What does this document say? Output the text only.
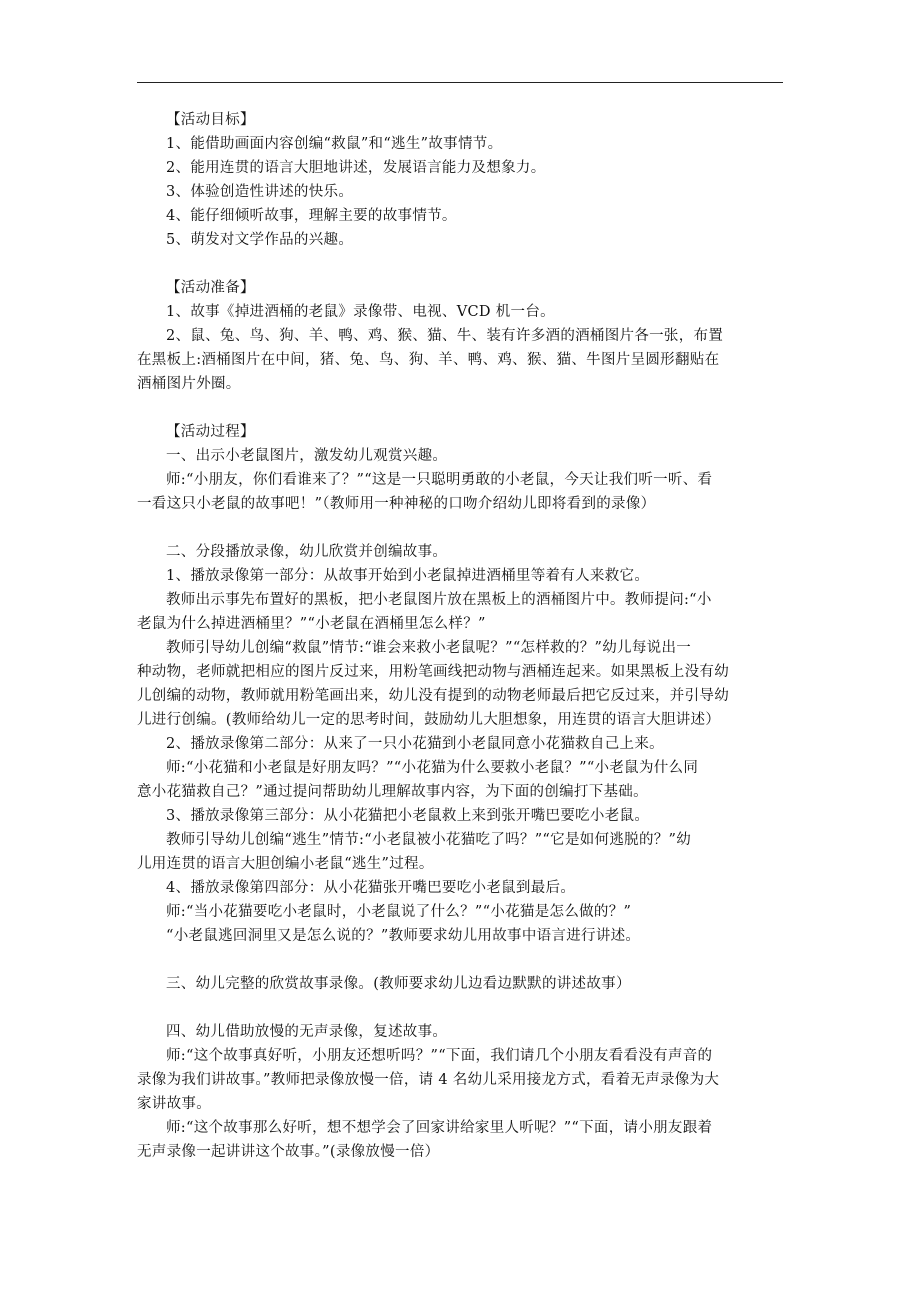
【活动目标】
1、能借助画面内容创编“救鼠”和“逃生”故事情节。
2、能用连贯的语言大胆地讲述，发展语言能力及想象力。
3、体验创造性讲述的快乐。
4、能仔细倾听故事，理解主要的故事情节。
5、萌发对文学作品的兴趣。
【活动准备】
1、故事《掉进酒桶的老鼠》录像带、电视、VCD 机一台。
2、鼠、兔、鸟、狗、羊、鸭、鸡、猴、猫、牛、装有许多酒的酒桶图片各一张，布置
在黑板上:酒桶图片在中间，猪、兔、鸟、狗、羊、鸭、鸡、猴、猫、牛图片呈圆形翻贴在
酒桶图片外圈。
【活动过程】
一、出示小老鼠图片，激发幼儿观赏兴趣。
师:“小朋友，你们看谁来了？”“这是一只聪明勇敢的小老鼠，今天让我们听一听、看
一看这只小老鼠的故事吧！”（教师用一种神秘的口吻介绍幼儿即将看到的录像）
二、分段播放录像，幼儿欣赏并创编故事。
1、播放录像第一部分：从故事开始到小老鼠掉进酒桶里等着有人来救它。
教师出示事先布置好的黑板，把小老鼠图片放在黑板上的酒桶图片中。教师提问:“小
老鼠为什么掉进酒桶里？”“小老鼠在酒桶里怎么样？”
教师引导幼儿创编“救鼠”情节:“谁会来救小老鼠呢？”“怎样救的？”幼儿每说出一
种动物，老师就把相应的图片反过来，用粉笔画线把动物与酒桶连起来。如果黑板上没有幼
儿创编的动物，教师就用粉笔画出来，幼儿没有提到的动物老师最后把它反过来，并引导幼
儿进行创编。(教师给幼儿一定的思考时间，鼓励幼儿大胆想象，用连贯的语言大胆讲述）
2、播放录像第二部分：从来了一只小花猫到小老鼠同意小花猫救自己上来。
师:“小花猫和小老鼠是好朋友吗？”“小花猫为什么要救小老鼠？”“小老鼠为什么同
意小花猫救自己？”通过提问帮助幼儿理解故事内容，为下面的创编打下基础。
3、播放录像第三部分：从小花猫把小老鼠救上来到张开嘴巴要吃小老鼠。
教师引导幼儿创编“逃生”情节:“小老鼠被小花猫吃了吗？”“它是如何逃脱的？”幼
儿用连贯的语言大胆创编小老鼠“逃生”过程。
4、播放录像第四部分：从小花猫张开嘴巴要吃小老鼠到最后。
师:“当小花猫要吃小老鼠时，小老鼠说了什么？”“小花猫是怎么做的？”
“小老鼠逃回洞里又是怎么说的？”教师要求幼儿用故事中语言进行讲述。
三、幼儿完整的欣赏故事录像。(教师要求幼儿边看边默默的讲述故事）
四、幼儿借助放慢的无声录像，复述故事。
师:“这个故事真好听，小朋友还想听吗？”“下面，我们请几个小朋友看看没有声音的
录像为我们讲故事。”教师把录像放慢一倍，请 4 名幼儿采用接龙方式，看着无声录像为大
家讲故事。
师:“这个故事那么好听，想不想学会了回家讲给家里人听呢？”“下面，请小朋友跟着
无声录像一起讲讲这个故事。”(录像放慢一倍）
